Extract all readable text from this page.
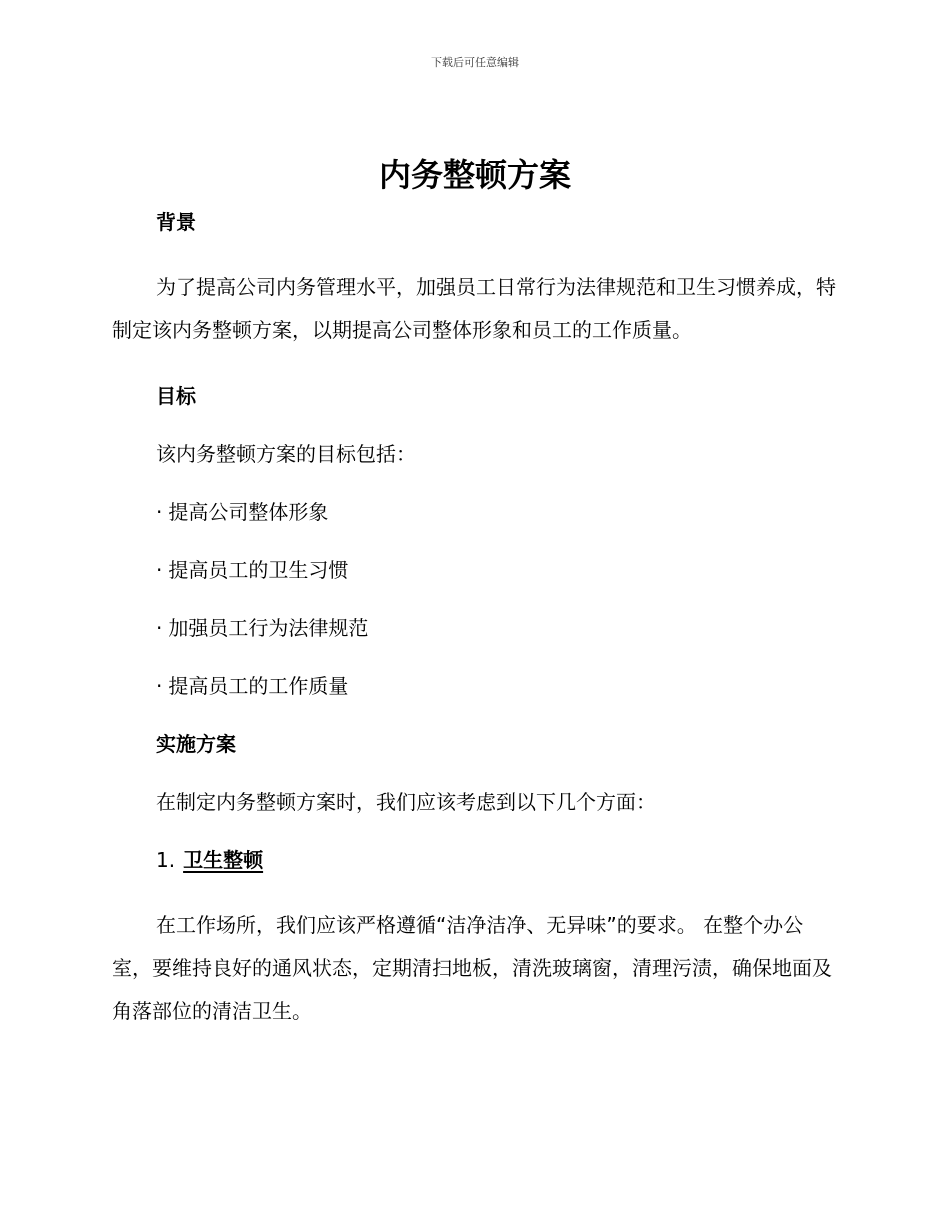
下载后可任意编辑
内务整顿方案

背景

为了提高公司内务管理水平，加强员工日常行为法律规范和卫生习惯养成，特制定该内务整顿方案，以期提高公司整体形象和员工的工作质量。

目标

该内务整顿方案的目标包括：

· 提高公司整体形象

· 提高员工的卫生习惯

· 加强员工行为法律规范

· 提高员工的工作质量

实施方案

在制定内务整顿方案时，我们应该考虑到以下几个方面：

1. 卫生整顿

在工作场所，我们应该严格遵循“洁净洁净、无异味”的要求。 在整个办公室，要维持良好的通风状态，定期清扫地板，清洗玻璃窗，清理污渍，确保地面及角落部位的清洁卫生。
